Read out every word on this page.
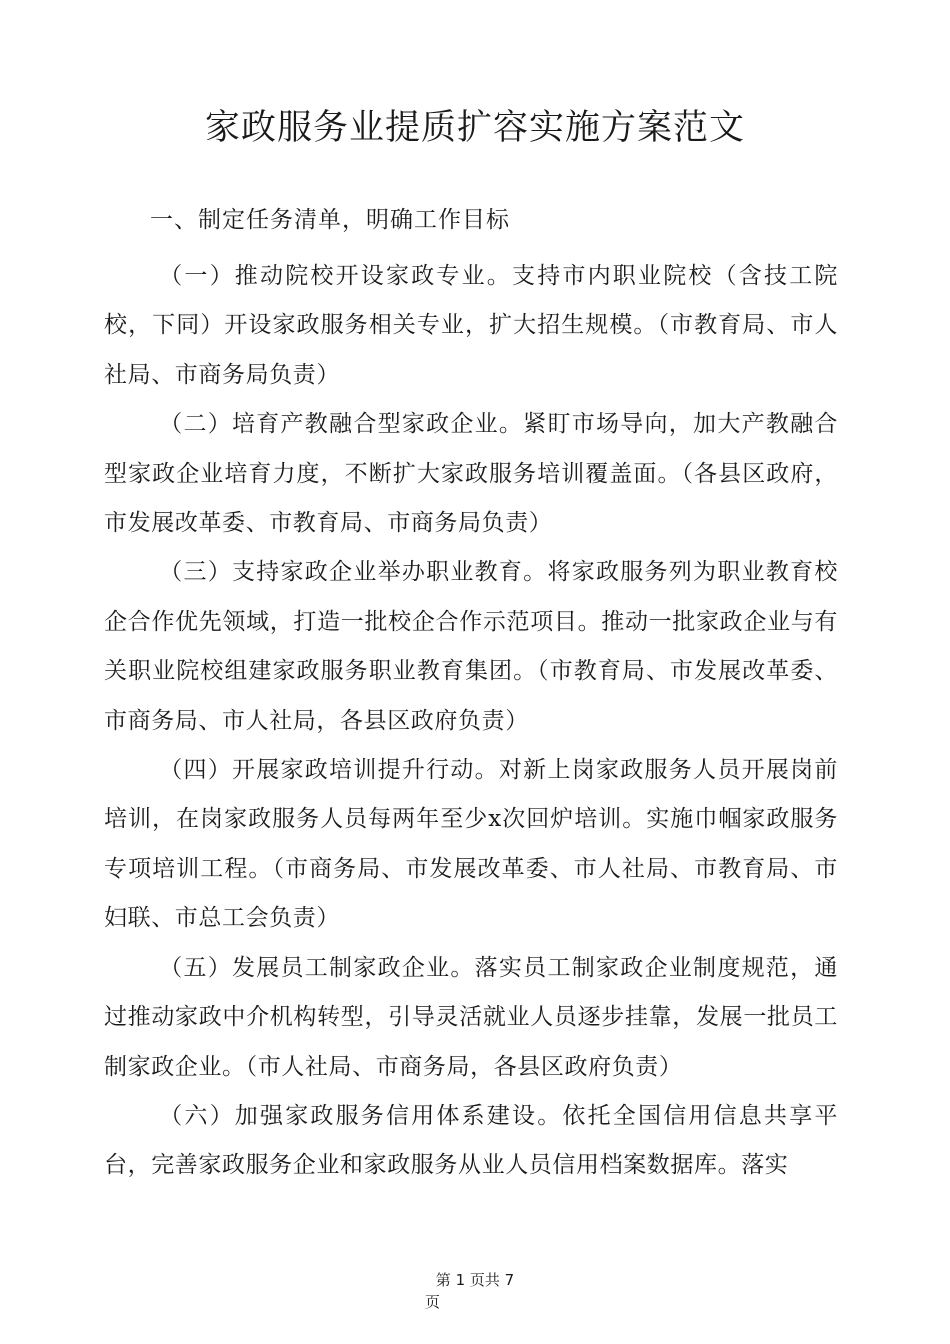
家政服务业提质扩容实施方案范文

一、制定任务清单，明确工作目标

（一）推动院校开设家政专业。支持市内职业院校（含技工院校，下同）开设家政服务相关专业，扩大招生规模。（市教育局、市人社局、市商务局负责）

（二）培育产教融合型家政企业。紧盯市场导向，加大产教融合型家政企业培育力度，不断扩大家政服务培训覆盖面。（各县区政府，市发展改革委、市教育局、市商务局负责）

（三）支持家政企业举办职业教育。将家政服务列为职业教育校企合作优先领域，打造一批校企合作示范项目。推动一批家政企业与有关职业院校组建家政服务职业教育集团。（市教育局、市发展改革委、市商务局、市人社局，各县区政府负责）

（四）开展家政培训提升行动。对新上岗家政服务人员开展岗前培训，在岗家政服务人员每两年至少x次回炉培训。实施巾帼家政服务专项培训工程。（市商务局、市发展改革委、市人社局、市教育局、市妇联、市总工会负责）

（五）发展员工制家政企业。落实员工制家政企业制度规范，通过推动家政中介机构转型，引导灵活就业人员逐步挂靠，发展一批员工制家政企业。（市人社局、市商务局，各县区政府负责）

（六）加强家政服务信用体系建设。依托全国信用信息共享平台，完善家政服务企业和家政服务从业人员信用档案数据库。落实

第 1 页共 7
页
